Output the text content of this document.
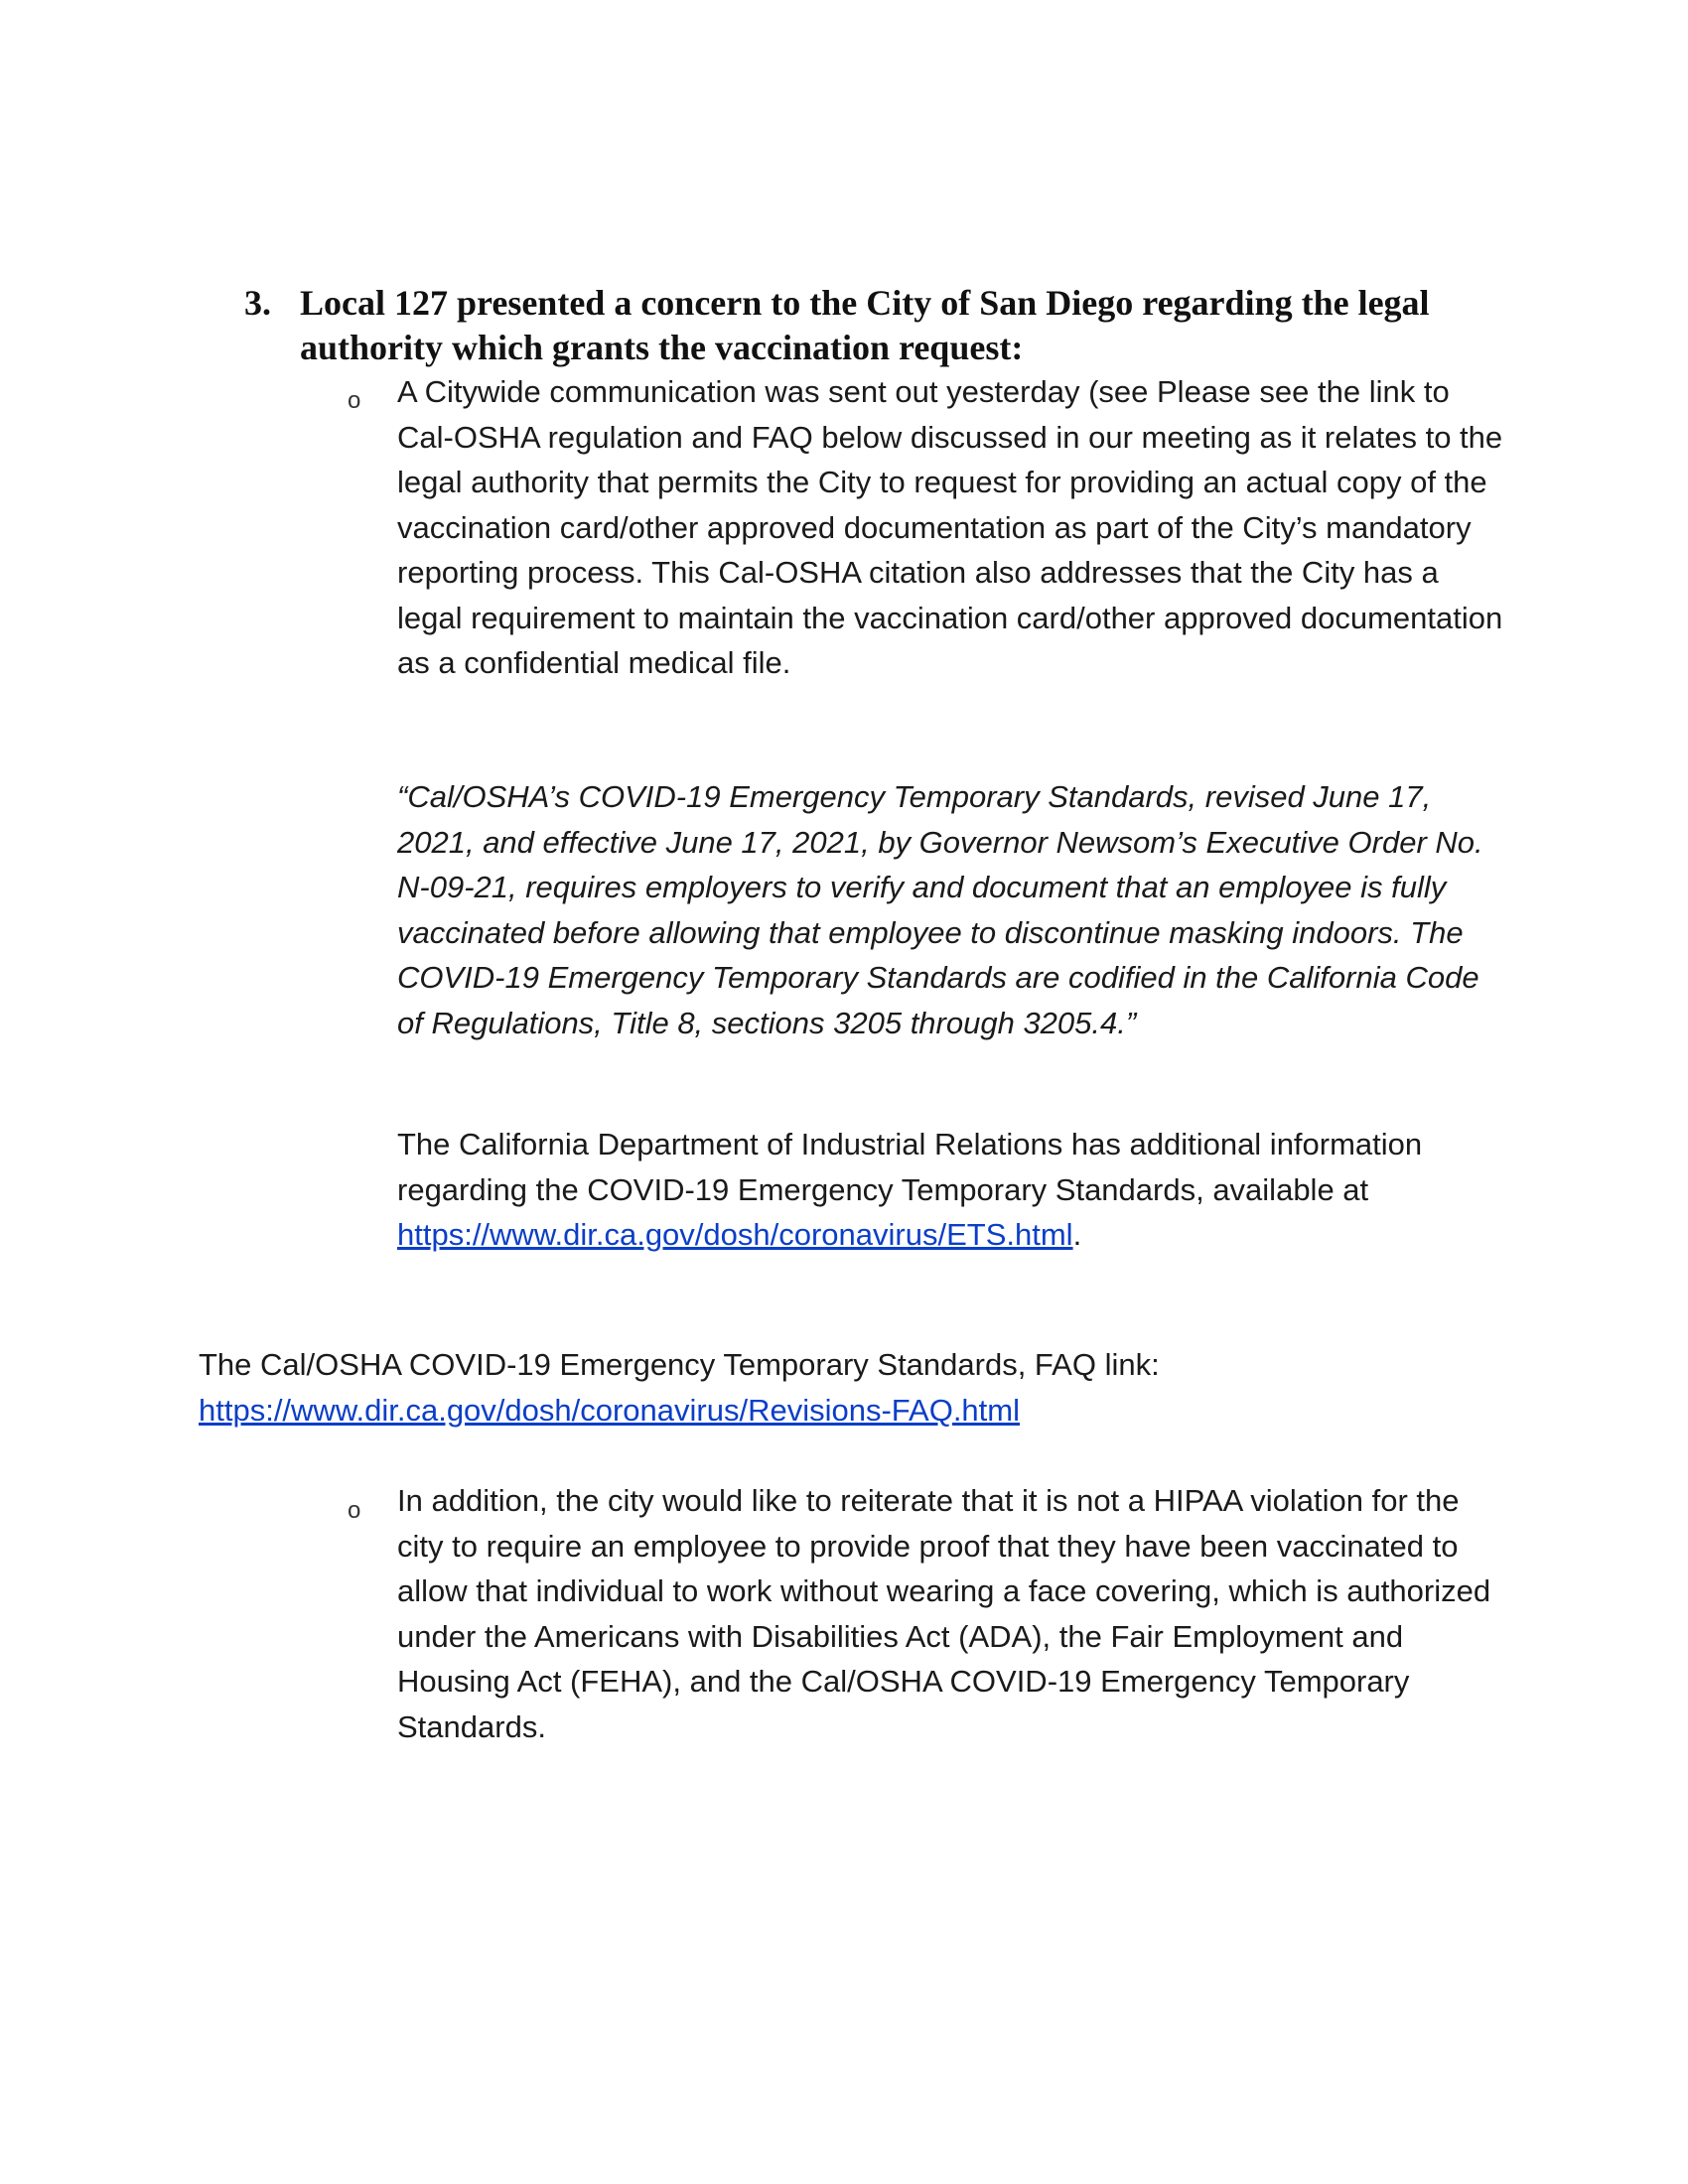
3. Local 127 presented a concern to the City of San Diego regarding the legal authority which grants the vaccination request:
o A Citywide communication was sent out yesterday (see Please see the link to Cal-OSHA regulation and FAQ below discussed in our meeting as it relates to the legal authority that permits the City to request for providing an actual copy of the vaccination card/other approved documentation as part of the City’s mandatory reporting process. This Cal-OSHA citation also addresses that the City has a legal requirement to maintain the vaccination card/other approved documentation as a confidential medical file.
“Cal/OSHA’s COVID-19 Emergency Temporary Standards, revised June 17, 2021, and effective June 17, 2021, by Governor Newsom’s Executive Order No. N-09-21, requires employers to verify and document that an employee is fully vaccinated before allowing that employee to discontinue masking indoors. The COVID-19 Emergency Temporary Standards are codified in the California Code of Regulations, Title 8, sections 3205 through 3205.4.”
The California Department of Industrial Relations has additional information regarding the COVID-19 Emergency Temporary Standards, available at https://www.dir.ca.gov/dosh/coronavirus/ETS.html.
The Cal/OSHA COVID-19 Emergency Temporary Standards, FAQ link:
https://www.dir.ca.gov/dosh/coronavirus/Revisions-FAQ.html
o In addition, the city would like to reiterate that it is not a HIPAA violation for the city to require an employee to provide proof that they have been vaccinated to allow that individual to work without wearing a face covering, which is authorized under the Americans with Disabilities Act (ADA), the Fair Employment and Housing Act (FEHA), and the Cal/OSHA COVID-19 Emergency Temporary Standards.
